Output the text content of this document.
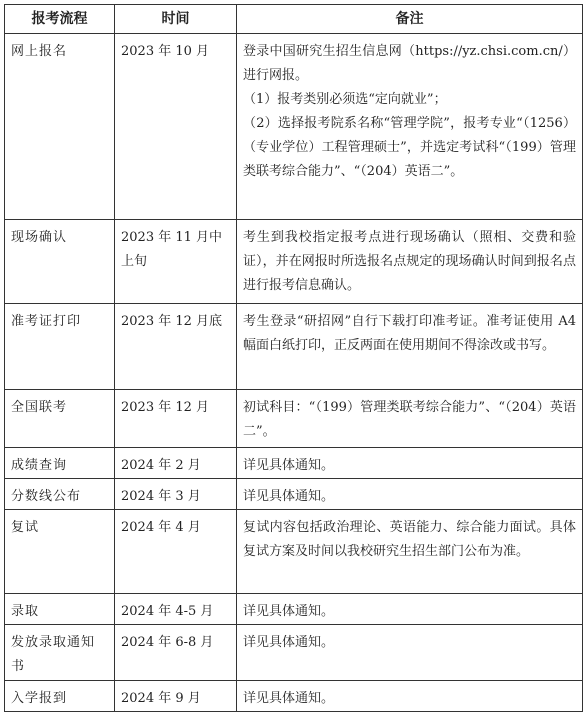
报考流程	时间	备注
网上报名	2023 年 10 月	登录中国研究生招生信息网（https://yz.chsi.com.cn/）进行网报。

（1）报考类别必须选“定向就业”；

（2）选择报考院系名称“管理学院”，报考专业“（1256）（专业学位）工程管理硕士”，并选定考试科“（199）管理类联考综合能力”、“（204）英语二”。

现场确认	2023 年 11 月中上旬	考生到我校指定报考点进行现场确认（照相、交费和验证），并在网报时所选报名点规定的现场确认时间到报名点进行报考信息确认。

准考证打印	2023 年 12 月底	考生登录“研招网”自行下载打印准考证。准考证使用 A4 幅面白纸打印，正反两面在使用期间不得涂改或书写。

全国联考	2023 年 12 月	初试科目：“（199）管理类联考综合能力”、“（204）英语二”。

成绩查询	2024 年 2 月	详见具体通知。

分数线公布	2024 年 3 月	详见具体通知。

复试	2024 年 4 月	复试内容包括政治理论、英语能力、综合能力面试。具体复试方案及时间以我校研究生招生部门公布为准。

录取	2024 年 4-5 月	详见具体通知。

发放录取通知书	2024 年 6-8 月	详见具体通知。

入学报到	2024 年 9 月	详见具体通知。
